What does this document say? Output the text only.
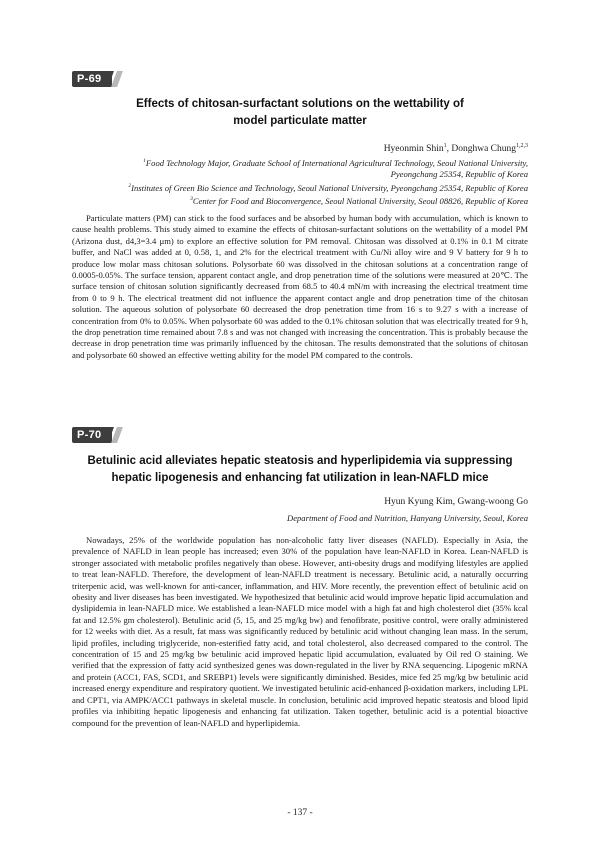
P-69
Effects of chitosan-surfactant solutions on the wettability of
model particulate matter
Hyeonmin Shin$^1$, Donghwa Chung$^{1,2,3}$
$^1$Food Technology Major, Graduate School of International Agricultural Technology, Seoul National University,
Pyeongchang 25354, Republic of Korea
$^2$Institutes of Green Bio Science and Technology, Seoul National University, Pyeongchang 25354, Republic of Korea
$^3$Center for Food and Bioconvergence, Seoul National University, Seoul 08826, Republic of Korea

Particulate matters (PM) can stick to the food surfaces and be absorbed by human body with accumulation, which is known to cause health problems. This study aimed to examine the effects of chitosan-surfactant solutions on the wettability of a model PM (Arizona dust, d4,3=3.4 μm) to explore an effective solution for PM removal. Chitosan was dissolved at 0.1% in 0.1 M citrate buffer, and NaCl was added at 0, 0.58, 1, and 2% for the electrical treatment with Cu/Ni alloy wire and 9 V battery for 9 h to produce low molar mass chitosan solutions. Polysorbate 60 was dissolved in the chitosan solutions at a concentration range of 0.0005-0.05%. The surface tension, apparent contact angle, and drop penetration time of the solutions were measured at 20℃. The surface tension of chitosan solution significantly decreased from 68.5 to 40.4 mN/m with increasing the electrical treatment time from 0 to 9 h. The electrical treatment did not influence the apparent contact angle and drop penetration time of the chitosan solution. The aqueous solution of polysorbate 60 decreased the drop penetration time from 16 s to 9.27 s with a increase of concentration from 0% to 0.05%. When polysorbate 60 was added to the 0.1% chitosan solution that was electrically treated for 9 h, the drop penetration time remained about 7.8 s and was not changed with increasing the concentration. This is probably because the decrease in drop penetration time was primarily influenced by the chitosan. The results demonstrated that the solutions of chitosan and polysorbate 60 showed an effective wetting ability for the model PM compared to the controls.

P-70
Betulinic acid alleviates hepatic steatosis and hyperlipidemia via suppressing
hepatic lipogenesis and enhancing fat utilization in lean-NAFLD mice
Hyun Kyung Kim, Gwang-woong Go
Department of Food and Nutrition, Hanyang University, Seoul, Korea

Nowadays, 25% of the worldwide population has non-alcoholic fatty liver diseases (NAFLD). Especially in Asia, the prevalence of NAFLD in lean people has increased; even 30% of the population have lean-NAFLD in Korea. Lean-NAFLD is stronger associated with metabolic profiles negatively than obese. However, anti-obesity drugs and modifying lifestyles are applied to treat lean-NAFLD. Therefore, the development of lean-NAFLD treatment is necessary. Betulinic acid, a naturally occurring triterpenic acid, was well-known for anti-cancer, inflammation, and HIV. More recently, the prevention effect of betulinic acid on obesity and liver diseases has been investigated. We hypothesized that betulinic acid would improve hepatic lipid accumulation and dyslipidemia in lean-NAFLD mice. We established a lean-NAFLD mice model with a high fat and high cholesterol diet (35% kcal fat and 12.5% gm cholesterol). Betulinic acid (5, 15, and 25 mg/kg bw) and fenofibrate, positive control, were orally administered for 12 weeks with diet. As a result, fat mass was significantly reduced by betulinic acid without changing lean mass. In the serum, lipid profiles, including triglyceride, non-esterified fatty acid, and total cholesterol, also decreased compared to the control. The concentration of 15 and 25 mg/kg bw betulinic acid improved hepatic lipid accumulation, evaluated by Oil red O staining. We verified that the expression of fatty acid synthesized genes was down-regulated in the liver by RNA sequencing. Lipogenic mRNA and protein (ACC1, FAS, SCD1, and SREBP1) levels were significantly diminished. Besides, mice fed 25 mg/kg bw betulinic acid increased energy expenditure and respiratory quotient. We investigated betulinic acid-enhanced β-oxidation markers, including LPL and CPT1, via AMPK/ACC1 pathways in skeletal muscle. In conclusion, betulinic acid improved hepatic steatosis and blood lipid profiles via inhibiting hepatic lipogenesis and enhancing fat utilization. Taken together, betulinic acid is a potential bioactive compound for the prevention of lean-NAFLD and hyperlipidemia.

- 137 -
